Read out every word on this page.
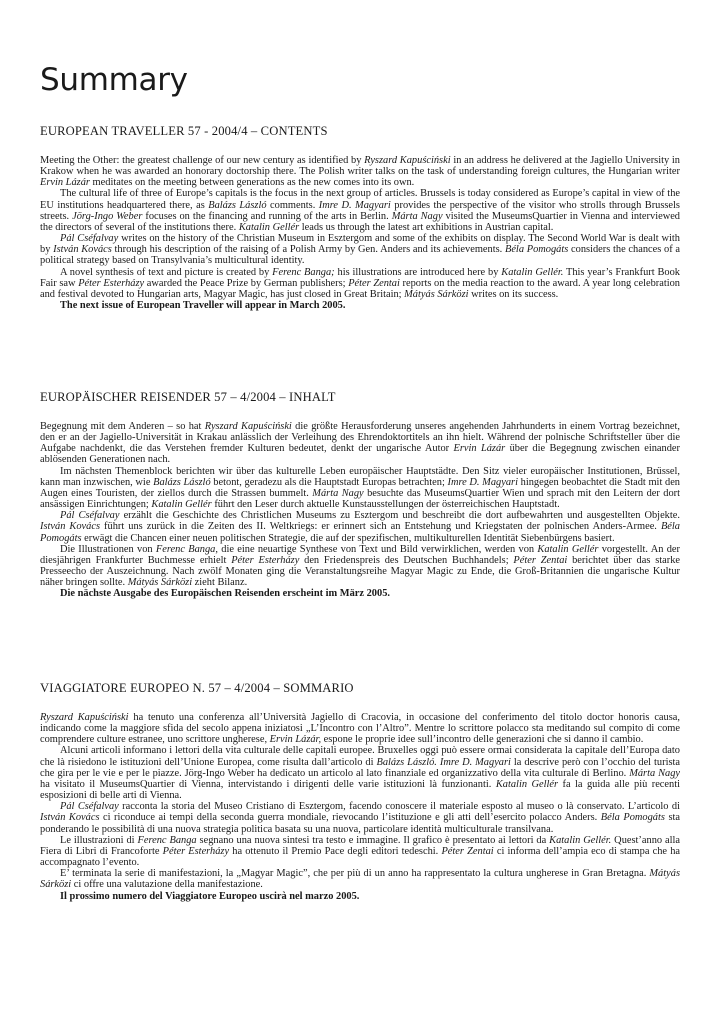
Summary
EUROPEAN TRAVELLER 57 - 2004/4 – CONTENTS

Meeting the Other: the greatest challenge of our new century as identified by Ryszard Kapuściński in an address he delivered at the Jagiello University in Krakow when he was awarded an honorary doctorship there. The Polish writer talks on the task of understanding foreign cultures, the Hungarian writer Ervin Lázár meditates on the meeting between generations as the new comes into its own.

The cultural life of three of Europe’s capitals is the focus in the next group of articles. Brussels is today considered as Europe’s capital in view of the EU institutions headquartered there, as Balázs László comments. Imre D. Magyari provides the perspective of the visitor who strolls through Brussels streets. Jörg-Ingo Weber focuses on the financing and running of the arts in Berlin. Márta Nagy visited the MuseumsQuartier in Vienna and interviewed the directors of several of the institutions there. Katalin Gellér leads us through the latest art exhibitions in Austrian capital.

Pál Cséfalvay writes on the history of the Christian Museum in Esztergom and some of the exhibits on display. The Second World War is dealt with by István Kovács through his description of the raising of a Polish Army by Gen. Anders and its achievements. Béla Pomogáts considers the chances of a political strategy based on Transylvania’s multicultural identity.

A novel synthesis of text and picture is created by Ferenc Banga; his illustrations are introduced here by Katalin Gellér. This year’s Frankfurt Book Fair saw Péter Esterházy awarded the Peace Prize by German publishers; Péter Zentai reports on the media reaction to the award. A year long celebration and festival devoted to Hungarian arts, Magyar Magic, has just closed in Great Britain; Mátyás Sárközi writes on its success.

The next issue of European Traveller will appear in March 2005.

EUROPÄISCHER REISENDER 57 – 4/2004 – INHALT

Begegnung mit dem Anderen – so hat Ryszard Kapuściński die größte Herausforderung unseres angehenden Jahrhunderts in einem Vortrag bezeichnet, den er an der Jagiello-Universität in Krakau anlässlich der Verleihung des Ehrendoktortitels an ihn hielt. Während der polnische Schriftsteller über die Aufgabe nachdenkt, die das Verstehen fremder Kulturen bedeutet, denkt der ungarische Autor Ervin Lázár über die Begegnung zwischen einander ablösenden Generationen nach.

Im nächsten Themenblock berichten wir über das kulturelle Leben europäischer Hauptstädte. Den Sitz vieler europäischer Institutionen, Brüssel, kann man inzwischen, wie Balázs László betont, geradezu als die Hauptstadt Europas betrachten; Imre D. Magyari hingegen beobachtet die Stadt mit den Augen eines Touristen, der ziellos durch die Strassen bummelt. Márta Nagy besuchte das MuseumsQuartier Wien und sprach mit den Leitern der dort ansässigen Einrichtungen; Katalin Gellér führt den Leser durch aktuelle Kunstausstellungen der österreichischen Hauptstadt.

Pál Cséfalvay erzählt die Geschichte des Christlichen Museums zu Esztergom und beschreibt die dort aufbewahrten und ausgestellten Objekte. István Kovács führt uns zurück in die Zeiten des II. Weltkriegs: er erinnert sich an Entstehung und Kriegstaten der polnischen Anders-Armee. Béla Pomogáts erwägt die Chancen einer neuen politischen Strategie, die auf der spezifischen, multikulturellen Identität Siebenbürgens basiert.

Die Illustrationen von Ferenc Banga, die eine neuartige Synthese von Text und Bild verwirklichen, werden von Katalin Gellér vorgestellt. An der diesjährigen Frankfurter Buchmesse erhielt Péter Esterházy den Friedenspreis des Deutschen Buchhandels; Péter Zentai berichtet über das starke Presseecho der Auszeichnung. Nach zwölf Monaten ging die Veranstaltungsreihe Magyar Magic zu Ende, die Groß-Britannien die ungarische Kultur näher bringen sollte. Mátyás Sárközi zieht Bilanz.

Die nächste Ausgabe des Europäischen Reisenden erscheint im März 2005.

VIAGGIATORE EUROPEO N. 57 – 4/2004 – SOMMARIO

Ryszard Kapuściński ha tenuto una conferenza all’Università Jagiello di Cracovia, in occasione del conferimento del titolo doctor honoris causa, indicando come la maggiore sfida del secolo appena iniziatosi „L’Incontro con l’Altro”. Mentre lo scrittore polacco sta meditando sul compito di come comprendere culture estranee, uno scrittore ungherese, Ervin Lázár, espone le proprie idee sull’incontro delle generazioni che si danno il cambio.

Alcuni articoli informano i lettori della vita culturale delle capitali europee. Bruxelles oggi può essere ormai considerata la capitale dell’Europa dato che là risiedono le istituzioni dell’Unione Europea, come risulta dall’articolo di Balázs László. Imre D. Magyari la descrive però con l’occhio del turista che gira per le vie e per le piazze. Jörg-Ingo Weber ha dedicato un articolo al lato finanziale ed organizzativo della vita culturale di Berlino. Márta Nagy ha visitato il MuseumsQuartier di Vienna, intervistando i dirigenti delle varie istituzioni là funzionanti. Katalin Gellér fa la guida alle più recenti esposizioni di belle arti di Vienna.

Pál Cséfalvay racconta la storia del Museo Cristiano di Esztergom, facendo conoscere il materiale esposto al museo o là conservato. L’articolo di István Kovács ci riconduce ai tempi della seconda guerra mondiale, rievocando l’istituzione e gli atti dell’esercito polacco Anders. Béla Pomogáts sta ponderando le possibilità di una nuova strategia politica basata su una nuova, particolare identità multiculturale transilvana.

Le illustrazioni di Ferenc Banga segnano una nuova sintesi tra testo e immagine. Il grafico è presentato ai lettori da Katalin Gellér. Quest’anno alla Fiera di Libri di Francoforte Péter Esterházy ha ottenuto il Premio Pace degli editori tedeschi. Péter Zentai ci informa dell’ampia eco di stampa che ha accompagnato l’evento.

E’ terminata la serie di manifestazioni, la „Magyar Magic”, che per più di un anno ha rappresentato la cultura ungherese in Gran Bretagna. Mátyás Sárközi ci offre una valutazione della manifestazione.

Il prossimo numero del Viaggiatore Europeo uscirà nel marzo 2005.
